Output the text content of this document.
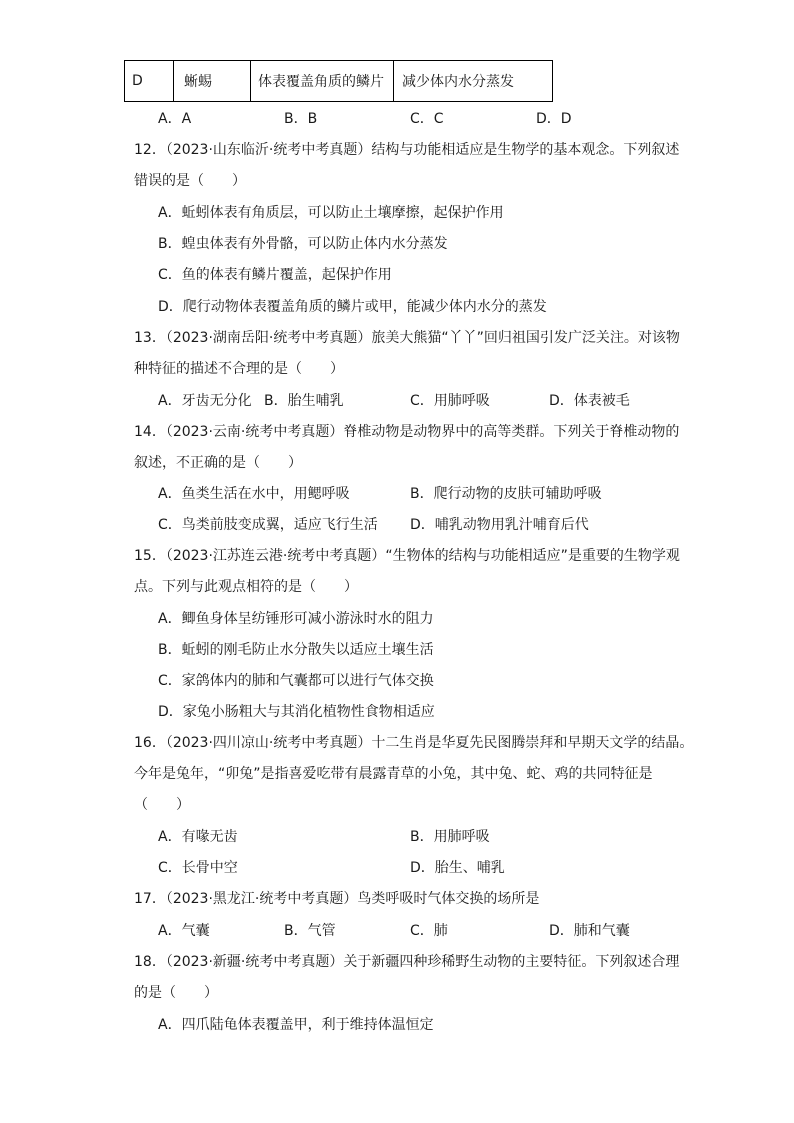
D	蜥蜴	体表覆盖角质的鳞片	减少体内水分蒸发
A．A	B．B	C．C	D．D
12．（2023·山东临沂·统考中考真题）结构与功能相适应是生物学的基本观念。下列叙述
错误的是（　　）
A．蚯蚓体表有角质层，可以防止土壤摩擦，起保护作用
B．蝗虫体表有外骨骼，可以防止体内水分蒸发
C．鱼的体表有鳞片覆盖，起保护作用
D．爬行动物体表覆盖角质的鳞片或甲，能减少体内水分的蒸发
13．（2023·湖南岳阳·统考中考真题）旅美大熊猫“丫丫”回归祖国引发广泛关注。对该物
种特征的描述不合理的是（　　）
A．牙齿无分化 B．胎生哺乳	C．用肺呼吸	D．体表被毛
14．（2023·云南·统考中考真题）脊椎动物是动物界中的高等类群。下列关于脊椎动物的
叙述，不正确的是（　　）
A．鱼类生活在水中，用鳃呼吸	B．爬行动物的皮肤可辅助呼吸
C．鸟类前肢变成翼，适应飞行生活 D．哺乳动物用乳汁哺育后代
15．（2023·江苏连云港·统考中考真题）“生物体的结构与功能相适应”是重要的生物学观
点。下列与此观点相符的是（　　）
A．鲫鱼身体呈纺锤形可减小游泳时水的阻力
B．蚯蚓的刚毛防止水分散失以适应土壤生活
C．家鸽体内的肺和气囊都可以进行气体交换
D．家兔小肠粗大与其消化植物性食物相适应
16．（2023·四川凉山·统考中考真题）十二生肖是华夏先民图腾崇拜和早期天文学的结晶。
今年是兔年，“卯兔”是指喜爱吃带有晨露青草的小兔，其中兔、蛇、鸡的共同特征是
（　　）
A．有喙无齿	B．用肺呼吸
C．长骨中空	D．胎生、哺乳
17．（2023·黑龙江·统考中考真题）鸟类呼吸时气体交换的场所是
A．气囊	B．气管	C．肺	D．肺和气囊
18．（2023·新疆·统考中考真题）关于新疆四种珍稀野生动物的主要特征。下列叙述合理
的是（　　）
A．四爪陆龟体表覆盖甲，利于维持体温恒定
